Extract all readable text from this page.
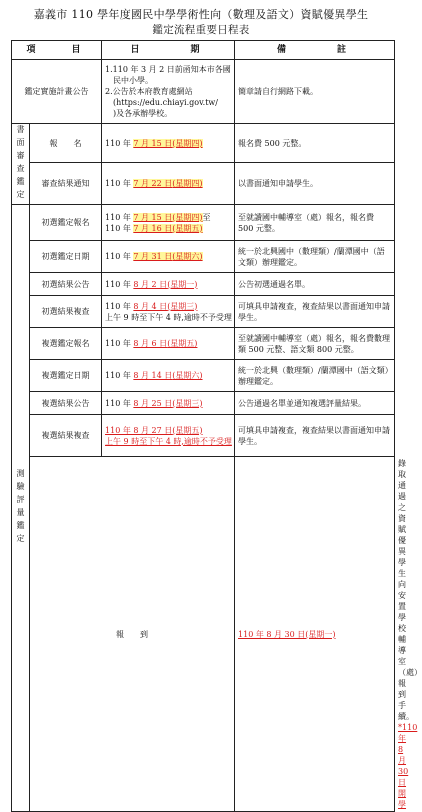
嘉義市 110 學年度國民中學學術性向（數理及語文）資賦優異學生
鑑定流程重要日程表
項　　目		日　　　期	備　　　註	
鑑定實施計畫公告		1.110 年 3 月 2 日前函知本市各國
　民中小學。
2.公告於本府教育處網站
　(https://edu.chiayi.gov.tw/
　)及各承辦學校。	簡章請自行網路下載。	
書面審查鑑定	報　　名	110 年 7 月 15 日(星期四)	報名費 500 元整。	
	審查結果通知	110 年 7 月 22 日(星期四)	以書面通知申請學生。	
測驗評量鑑定	初選鑑定報名	110 年 7 月 15 日(星期四)至
110 年 7 月 16 日(星期五)	至就讀國中輔導室（處）報名，報名費 500 元整。	
	初選鑑定日期	110 年 7 月 31 日(星期六)	統一於北興國中（數理類）/蘭潭國中（語文類）辦理鑑定。	
	初選結果公告	110 年 8 月 2 日(星期一)	公告初選通過名單。	
	初選結果複查	110 年 8 月 4 日(星期三)
上午 9 時至下午 4 時,逾時不予受理	可填具申請複查，複查結果以書面通知申請學生。	
	複選鑑定報名	110 年 8 月 6 日(星期五)	至就讀國中輔導室（處）報名，報名費數理類 500 元整、語文類 800 元整。	
	複選鑑定日期	110 年 8 月 14 日(星期六)	統一於北興（數理類）/蘭潭國中（語文類）辦理鑑定。	
	複選結果公告	110 年 8 月 25 日(星期三)	公告通過名單並通知複選評量結果。	
	複選結果複查	110 年 8 月 27 日(星期五)
上午 9 時至下午 4 時,逾時不予受理	可填具申請複查，複查結果以書面通知申請學生。	
	報　　到		110 年 8 月 30 日(星期一)	錄取通過之資賦優異學生向安置學校輔導室（處）報到手續。
*110 年 8 月 30 日開學
